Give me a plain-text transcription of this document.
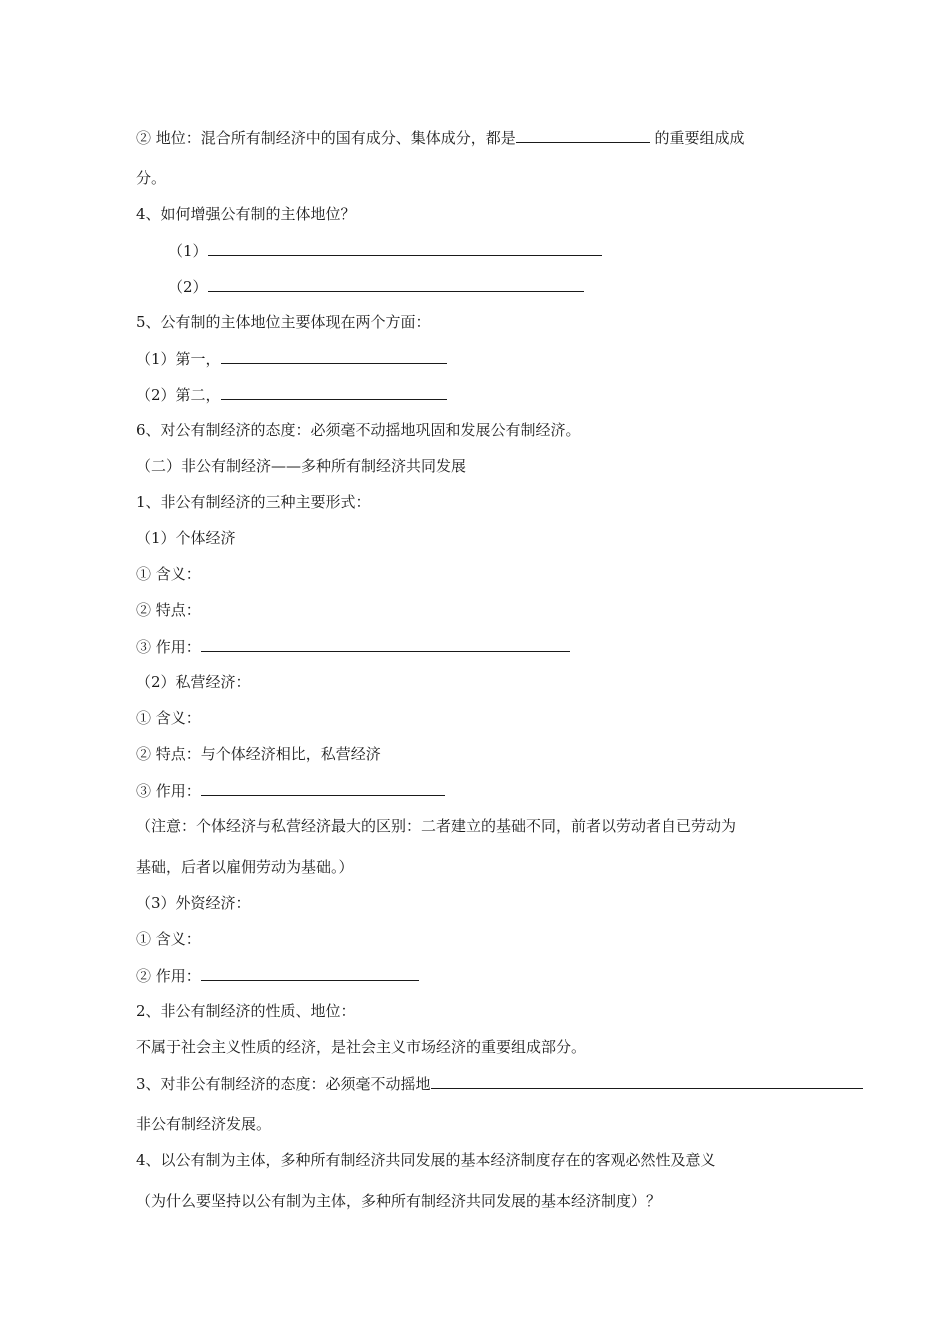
② 地位：混合所有制经济中的国有成分、集体成分，都是	的重要组成成
分。
4、如何增强公有制的主体地位？
（1）
（2）
5、公有制的主体地位主要体现在两个方面：
（1）第一，
（2）第二，
6、对公有制经济的态度：必须毫不动摇地巩固和发展公有制经济。
（二）非公有制经济——多种所有制经济共同发展
1、非公有制经济的三种主要形式：
（1）个体经济
① 含义：
② 特点：
③ 作用：
（2）私营经济：
① 含义：
② 特点：与个体经济相比，私营经济
③ 作用：
（注意：个体经济与私营经济最大的区别：二者建立的基础不同，前者以劳动者自已劳动为
基础，后者以雇佣劳动为基础。）
（3）外资经济：
① 含义：
② 作用：
2、非公有制经济的性质、地位：
不属于社会主义性质的经济，是社会主义市场经济的重要组成部分。
3、对非公有制经济的态度：必须毫不动摇地
非公有制经济发展。
4、以公有制为主体，多种所有制经济共同发展的基本经济制度存在的客观必然性及意义
（为什么要坚持以公有制为主体，多种所有制经济共同发展的基本经济制度）？
